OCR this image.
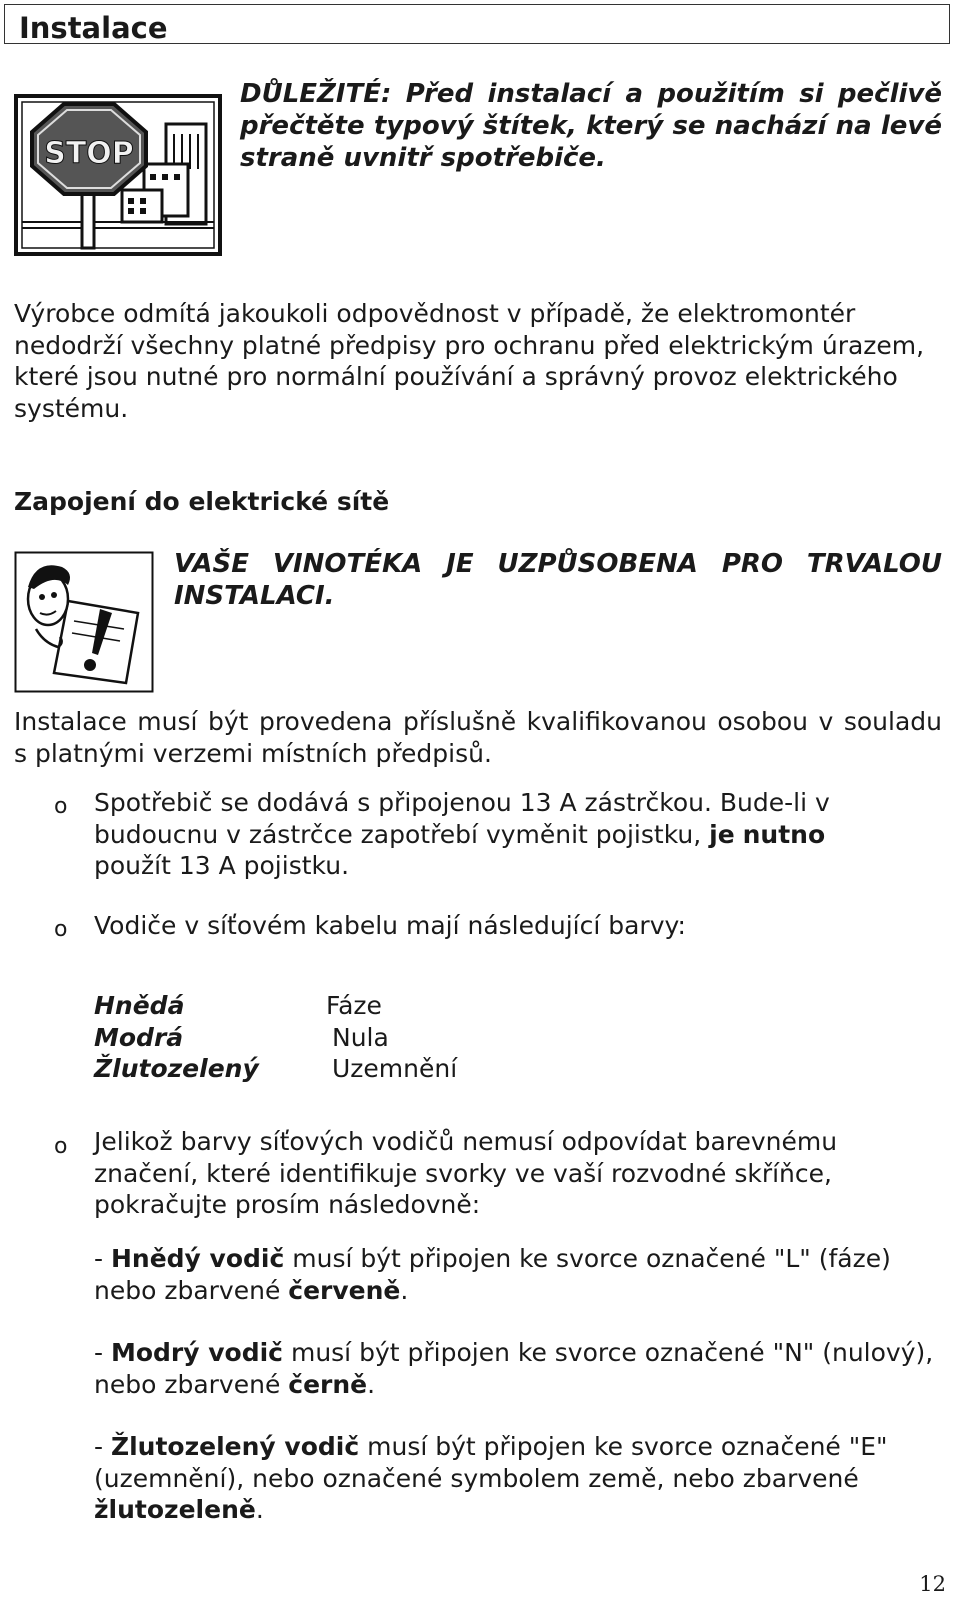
Instalace
STOP

DŮLEŽITÉ: Před instalací a použitím si pečlivě přečtěte typový štítek, který se nachází na levé straně uvnitř spotřebiče.

Výrobce odmítá jakoukoli odpovědnost v případě, že elektromontér nedodrží všechny platné předpisy pro ochranu před elektrickým úrazem, které jsou nutné pro normální používání a správný provoz elektrického systému.

Zapojení do elektrické sítě

VAŠE VINOTÉKA JE UZPŮSOBENA PRO TRVALOU

INSTALACI.

Instalace musí být provedena příslušně kvalifikovanou osobou v souladu s platnými verzemi místních předpisů.

o Spotřebič se dodává s připojenou 13 A zástrčkou. Bude-li v budoucnu v zástrčce zapotřebí vyměnit pojistku, je nutno
použít 13 A pojistku.

o Vodiče v síťovém kabelu mají následující barvy:

Hnědá	Fáze
Modrá	Nula
Žlutozelený	Uzemnění

o Jelikož barvy síťových vodičů nemusí odpovídat barevnému značení, které identifikuje svorky ve vaší rozvodné skříňce, pokračujte prosím následovně:

- Hnědý vodič musí být připojen ke svorce označené "L" (fáze) nebo zbarvené červeně.

- Modrý vodič musí být připojen ke svorce označené "N" (nulový), nebo zbarvené černě.

- Žlutozelený vodič musí být připojen ke svorce označené "E" (uzemnění), nebo označené symbolem země, nebo zbarvené žlutozeleně.

12
